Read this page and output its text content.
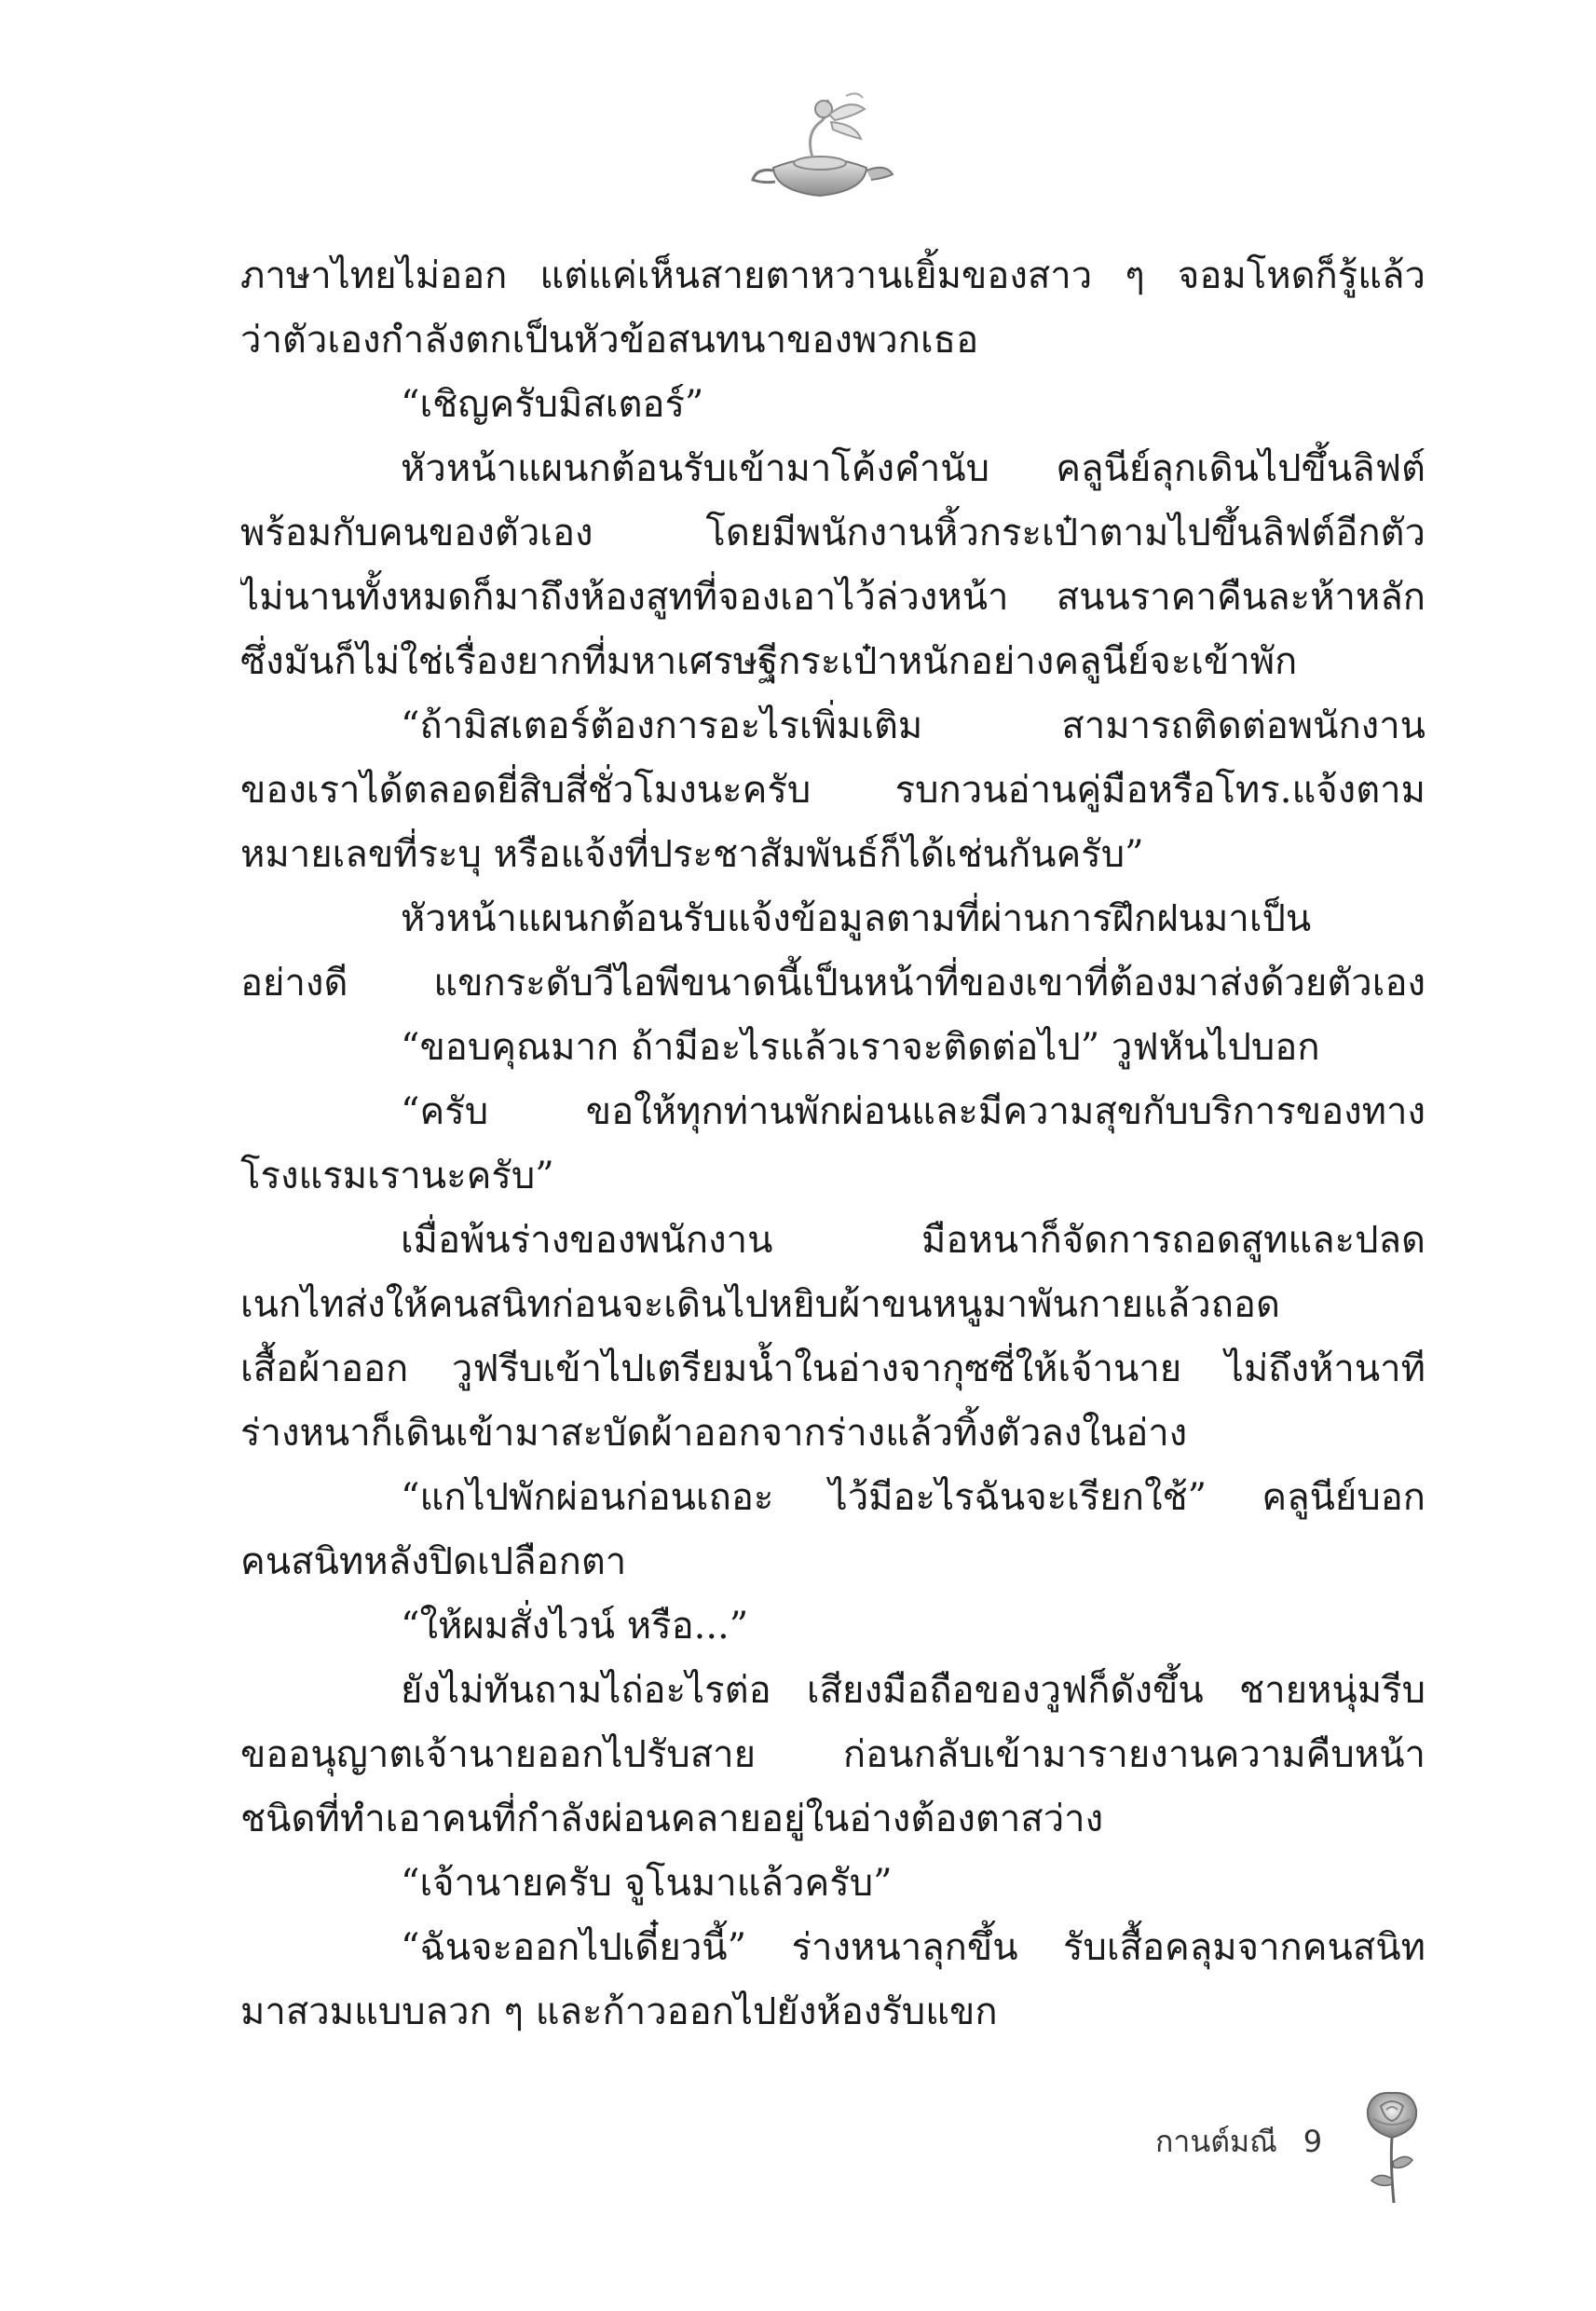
ภาษาไทยไม่ออก แต่แค่เห็นสายตาหวานเยิ้มของสาว ๆ จอมโหดก็รู้แล้ว
ว่าตัวเองกำลังตกเป็นหัวข้อสนทนาของพวกเธอ
“เชิญครับมิสเตอร์”
หัวหน้าแผนกต้อนรับเข้ามาโค้งคำนับ คลูนีย์ลุกเดินไปขึ้นลิฟต์
พร้อมกับคนของตัวเอง โดยมีพนักงานหิ้วกระเป๋าตามไปขึ้นลิฟต์อีกตัว
ไม่นานทั้งหมดก็มาถึงห้องสูทที่จองเอาไว้ล่วงหน้า สนนราคาคืนละห้าหลัก
ซึ่งมันก็ไม่ใช่เรื่องยากที่มหาเศรษฐีกระเป๋าหนักอย่างคลูนีย์จะเข้าพัก
“ถ้ามิสเตอร์ต้องการอะไรเพิ่มเติม สามารถติดต่อพนักงาน
ของเราได้ตลอดยี่สิบสี่ชั่วโมงนะครับ รบกวนอ่านคู่มือหรือโทร.แจ้งตาม
หมายเลขที่ระบุ หรือแจ้งที่ประชาสัมพันธ์ก็ได้เช่นกันครับ”
หัวหน้าแผนกต้อนรับแจ้งข้อมูลตามที่ผ่านการฝึกฝนมาเป็น
อย่างดี แขกระดับวีไอพีขนาดนี้เป็นหน้าที่ของเขาที่ต้องมาส่งด้วยตัวเอง
“ขอบคุณมาก ถ้ามีอะไรแล้วเราจะติดต่อไป” วูฟหันไปบอก
“ครับ ขอให้ทุกท่านพักผ่อนและมีความสุขกับบริการของทาง
โรงแรมเรานะครับ”
เมื่อพ้นร่างของพนักงาน มือหนาก็จัดการถอดสูทและปลด
เนกไทส่งให้คนสนิทก่อนจะเดินไปหยิบผ้าขนหนูมาพันกายแล้วถอด
เสื้อผ้าออก วูฟรีบเข้าไปเตรียมน้ำในอ่างจากุซซี่ให้เจ้านาย ไม่ถึงห้านาที
ร่างหนาก็เดินเข้ามาสะบัดผ้าออกจากร่างแล้วทิ้งตัวลงในอ่าง
“แกไปพักผ่อนก่อนเถอะ ไว้มีอะไรฉันจะเรียกใช้” คลูนีย์บอก
คนสนิทหลังปิดเปลือกตา
“ให้ผมสั่งไวน์ หรือ...”
ยังไม่ทันถามไถ่อะไรต่อ เสียงมือถือของวูฟก็ดังขึ้น ชายหนุ่มรีบ
ขออนุญาตเจ้านายออกไปรับสาย ก่อนกลับเข้ามารายงานความคืบหน้า
ชนิดที่ทำเอาคนที่กำลังผ่อนคลายอยู่ในอ่างต้องตาสว่าง
“เจ้านายครับ จูโนมาแล้วครับ”
“ฉันจะออกไปเดี๋ยวนี้” ร่างหนาลุกขึ้น รับเสื้อคลุมจากคนสนิท
มาสวมแบบลวก ๆ และก้าวออกไปยังห้องรับแขก
กานต์มณี 9
